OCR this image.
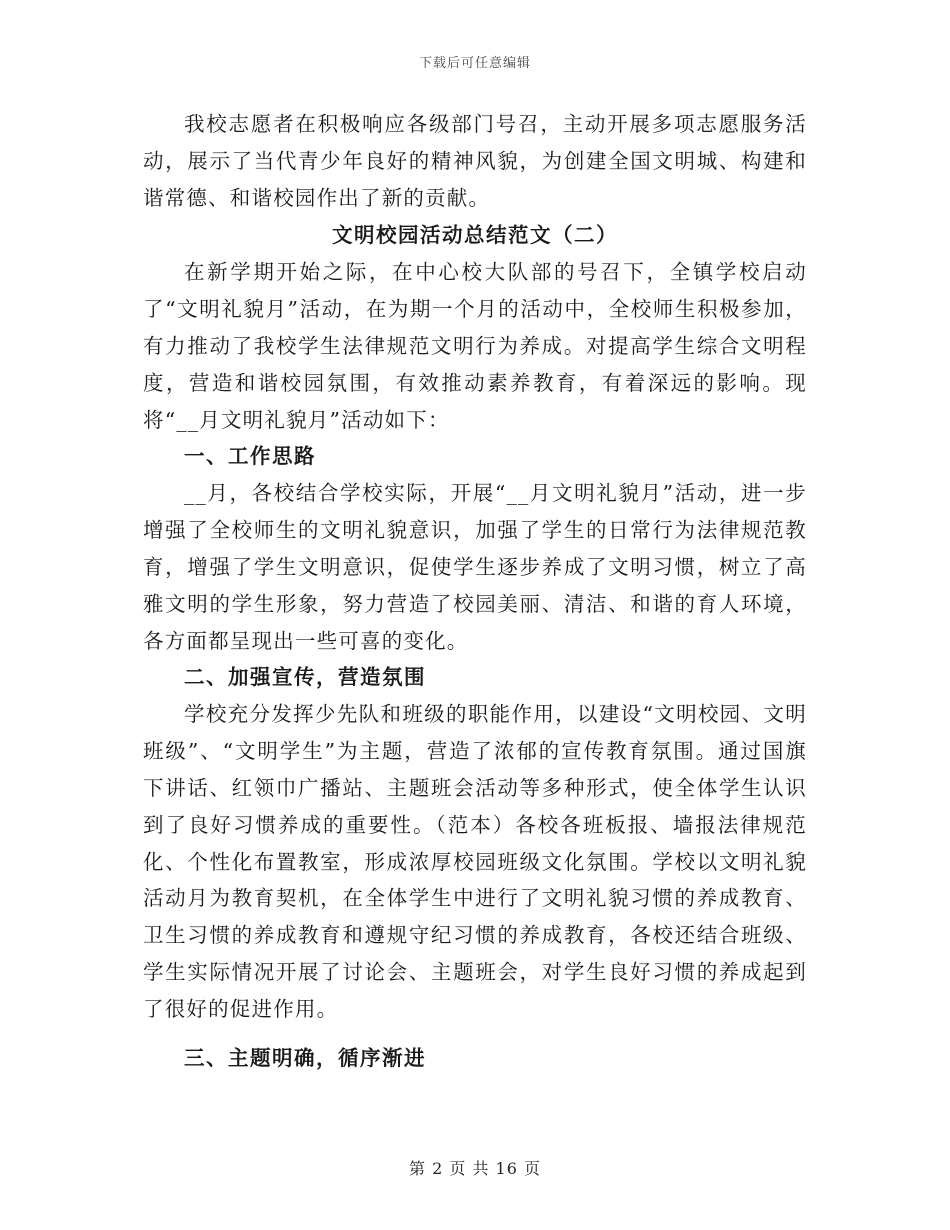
下载后可任意编辑

我校志愿者在积极响应各级部门号召，主动开展多项志愿服务活动，展示了当代青少年良好的精神风貌，为创建全国文明城、构建和谐常德、和谐校园作出了新的贡献。

文明校园活动总结范文（二）

在新学期开始之际，在中心校大队部的号召下，全镇学校启动了“文明礼貌月”活动，在为期一个月的活动中，全校师生积极参加，有力推动了我校学生法律规范文明行为养成。对提高学生综合文明程度，营造和谐校园氛围，有效推动素养教育，有着深远的影响。现将“__月文明礼貌月”活动如下：

一、工作思路

__月，各校结合学校实际，开展“__月文明礼貌月”活动，进一步增强了全校师生的文明礼貌意识，加强了学生的日常行为法律规范教育，增强了学生文明意识，促使学生逐步养成了文明习惯，树立了高雅文明的学生形象，努力营造了校园美丽、清洁、和谐的育人环境，各方面都呈现出一些可喜的变化。

二、加强宣传，营造氛围

学校充分发挥少先队和班级的职能作用，以建设“文明校园、文明班级”、“文明学生”为主题，营造了浓郁的宣传教育氛围。通过国旗下讲话、红领巾广播站、主题班会活动等多种形式，使全体学生认识到了良好习惯养成的重要性。（范本）各校各班板报、墙报法律规范化、个性化布置教室，形成浓厚校园班级文化氛围。学校以文明礼貌活动月为教育契机，在全体学生中进行了文明礼貌习惯的养成教育、卫生习惯的养成教育和遵规守纪习惯的养成教育，各校还结合班级、学生实际情况开展了讨论会、主题班会，对学生良好习惯的养成起到了很好的促进作用。

三、主题明确，循序渐进
第 2 页 共 16 页
